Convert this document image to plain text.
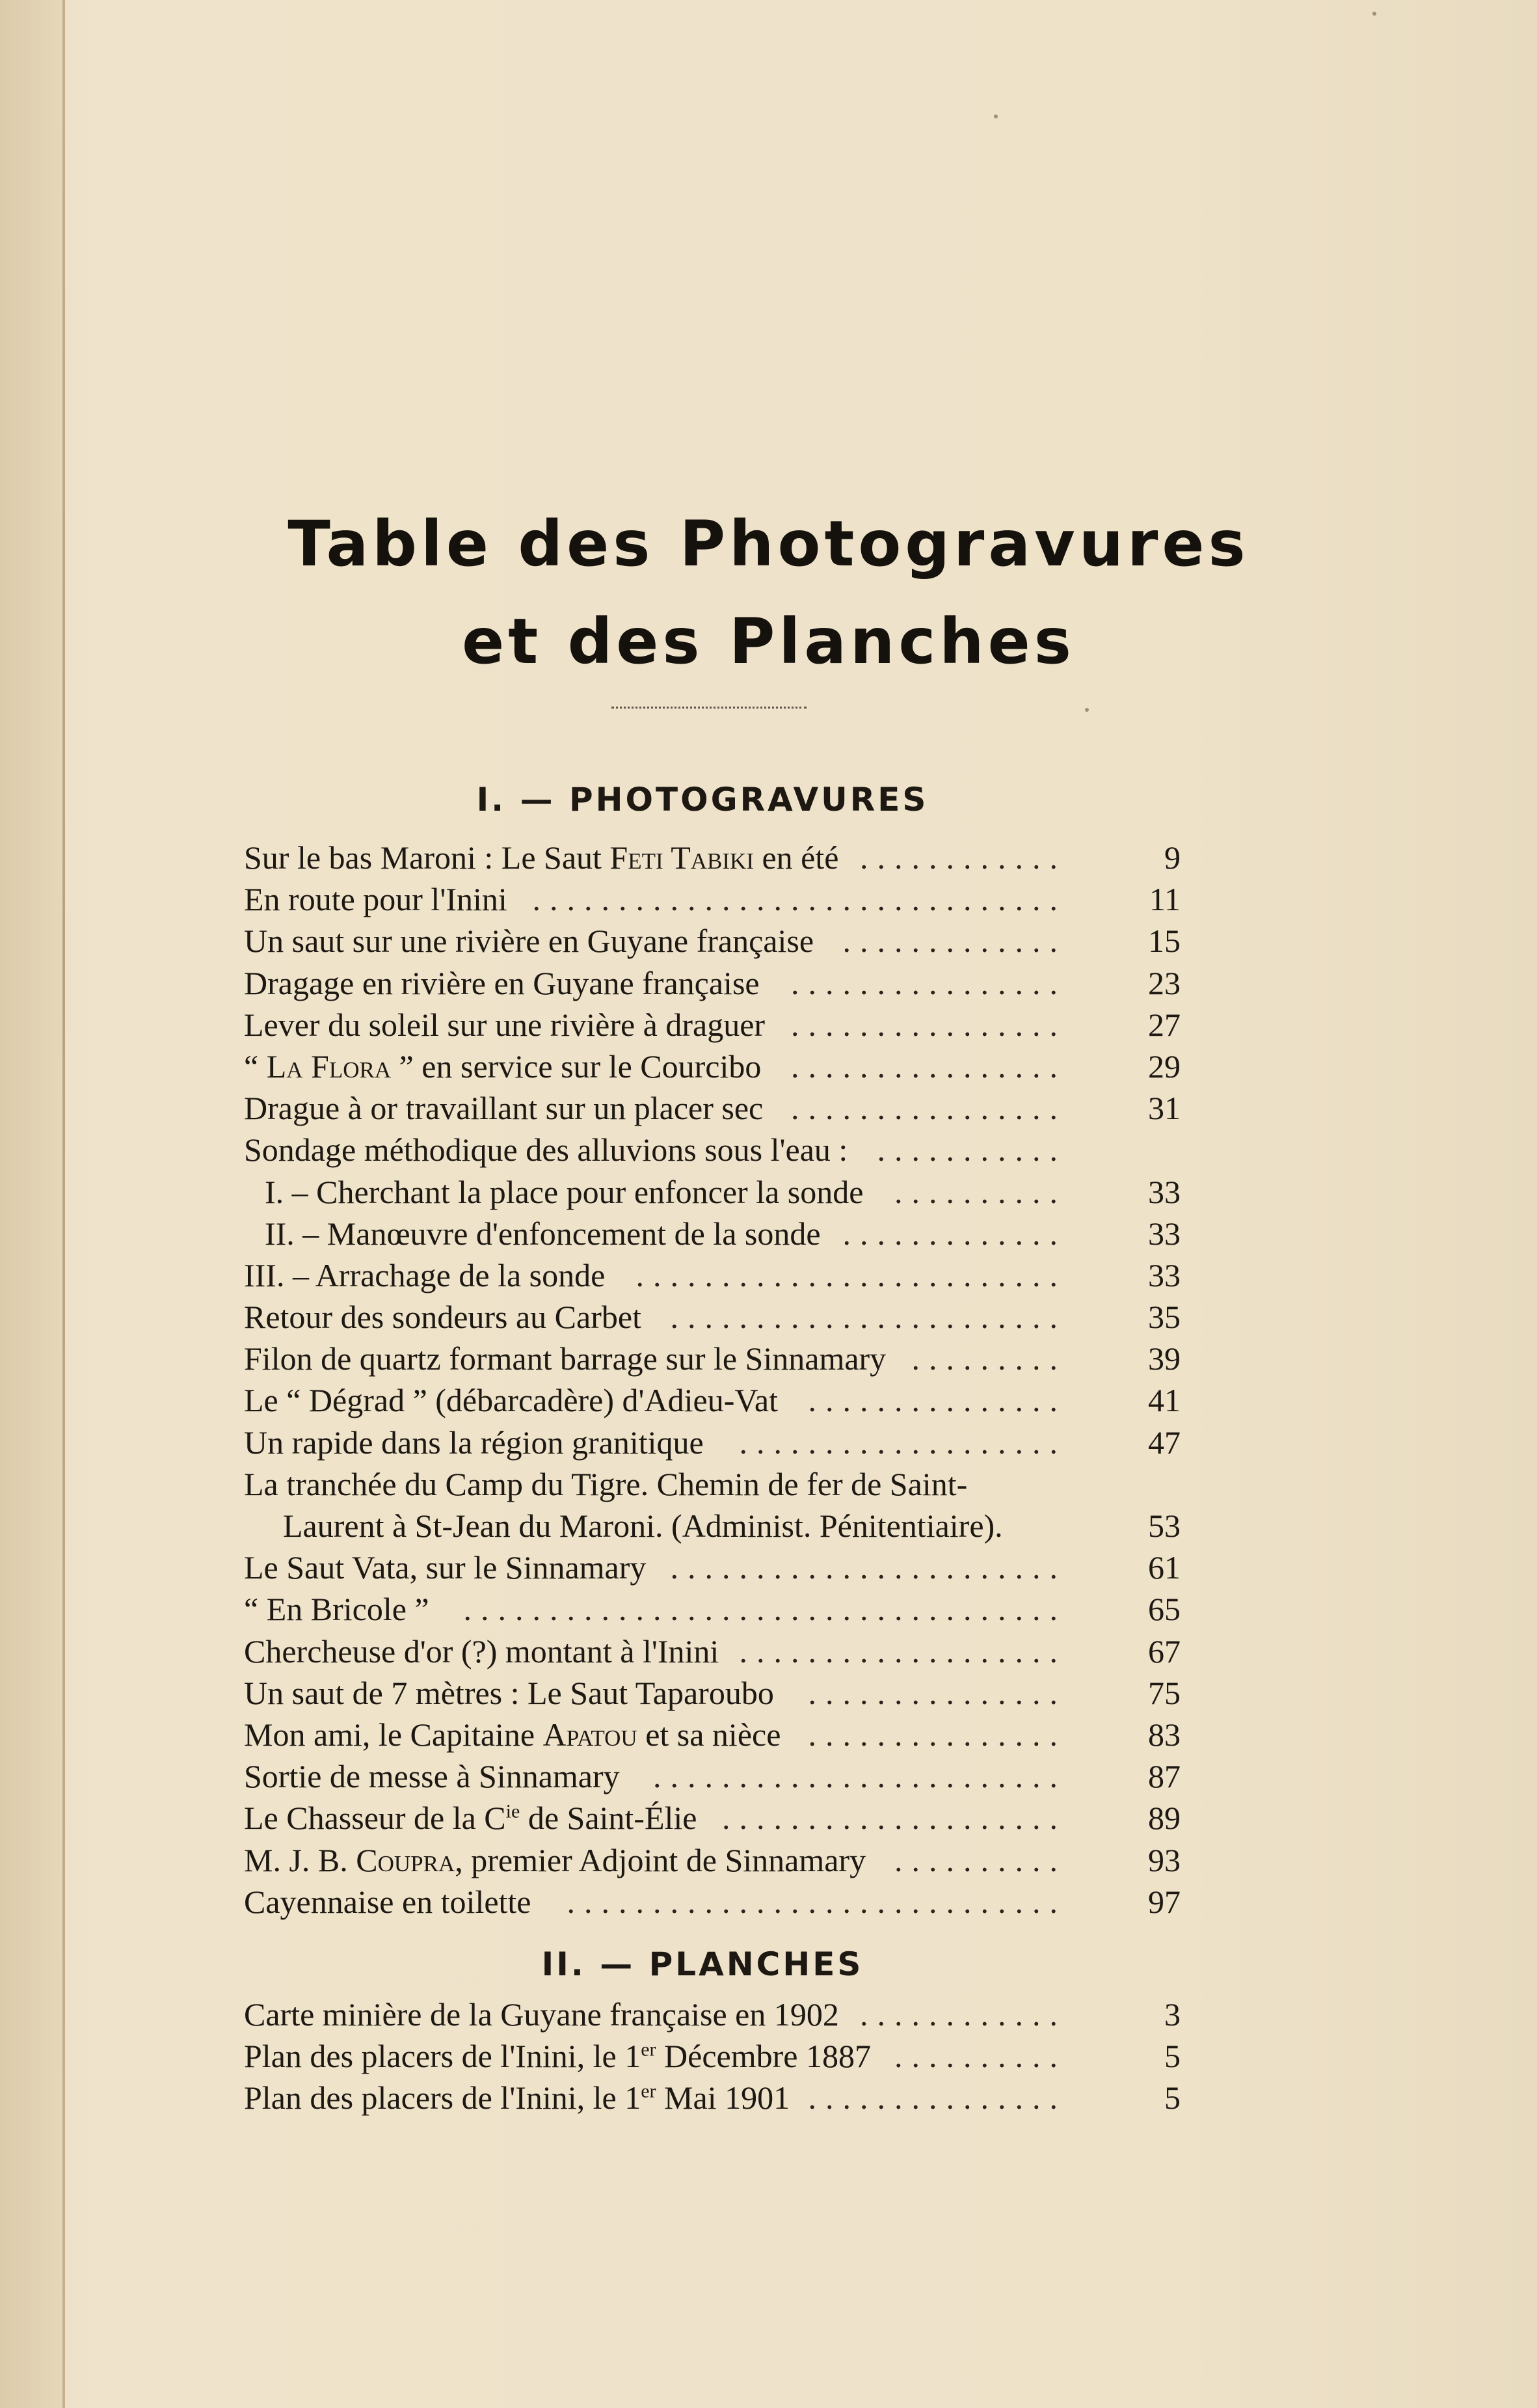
Table des Photogravures
et des Planches
I. — PHOTOGRAVURES
Sur le bas Maroni : Le Saut Feti Tabiki en été ............	9
En route pour l'Inini ...............................	11
Un saut sur une rivière en Guyane française .............	15
Dragage en rivière en Guyane française ................	23
Lever du soleil sur une rivière à draguer ................	27
“ La Flora ” en service sur le Courcibo ................	29
Drague à or travaillant sur un placer sec ................	31
Sondage méthodique des alluvions sous l'eau : ...........
I. – Cherchant la place pour enfoncer la sonde ..........	33
II. – Manœuvre d'enfoncement de la sonde .............	33
III. – Arrachage de la sonde .........................	33
Retour des sondeurs au Carbet .......................	35
Filon de quartz formant barrage sur le Sinnamary .........	39
Le “ Dégrad ” (débarcadère) d'Adieu-Vat ...............	41
Un rapide dans la région granitique ...................	47
La tranchée du Camp du Tigre. Chemin de fer de Saint-
Laurent à St-Jean du Maroni. (Administ. Pénitentiaire).	53
Le Saut Vata, sur le Sinnamary .......................	61
“ En Bricole ” ...................................	65
Chercheuse d'or (?) montant à l'Inini ...................	67
Un saut de 7 mètres : Le Saut Taparoubo ...............	75
Mon ami, le Capitaine Apatou et sa nièce ...............	83
Sortie de messe à Sinnamary ........................	87
Le Chasseur de la $C^{ie}$ de Saint-Élie ....................	89
M. J. B. Coupra, premier Adjoint de Sinnamary ..........	93
Cayennaise en toilette .............................	97
II. — PLANCHES
Carte minière de la Guyane française en 1902 ............	3
Plan des placers de l'Inini, le 1er Décembre 1887 ..........	5
Plan des placers de l'Inini, le 1er Mai 1901 ...............	5
